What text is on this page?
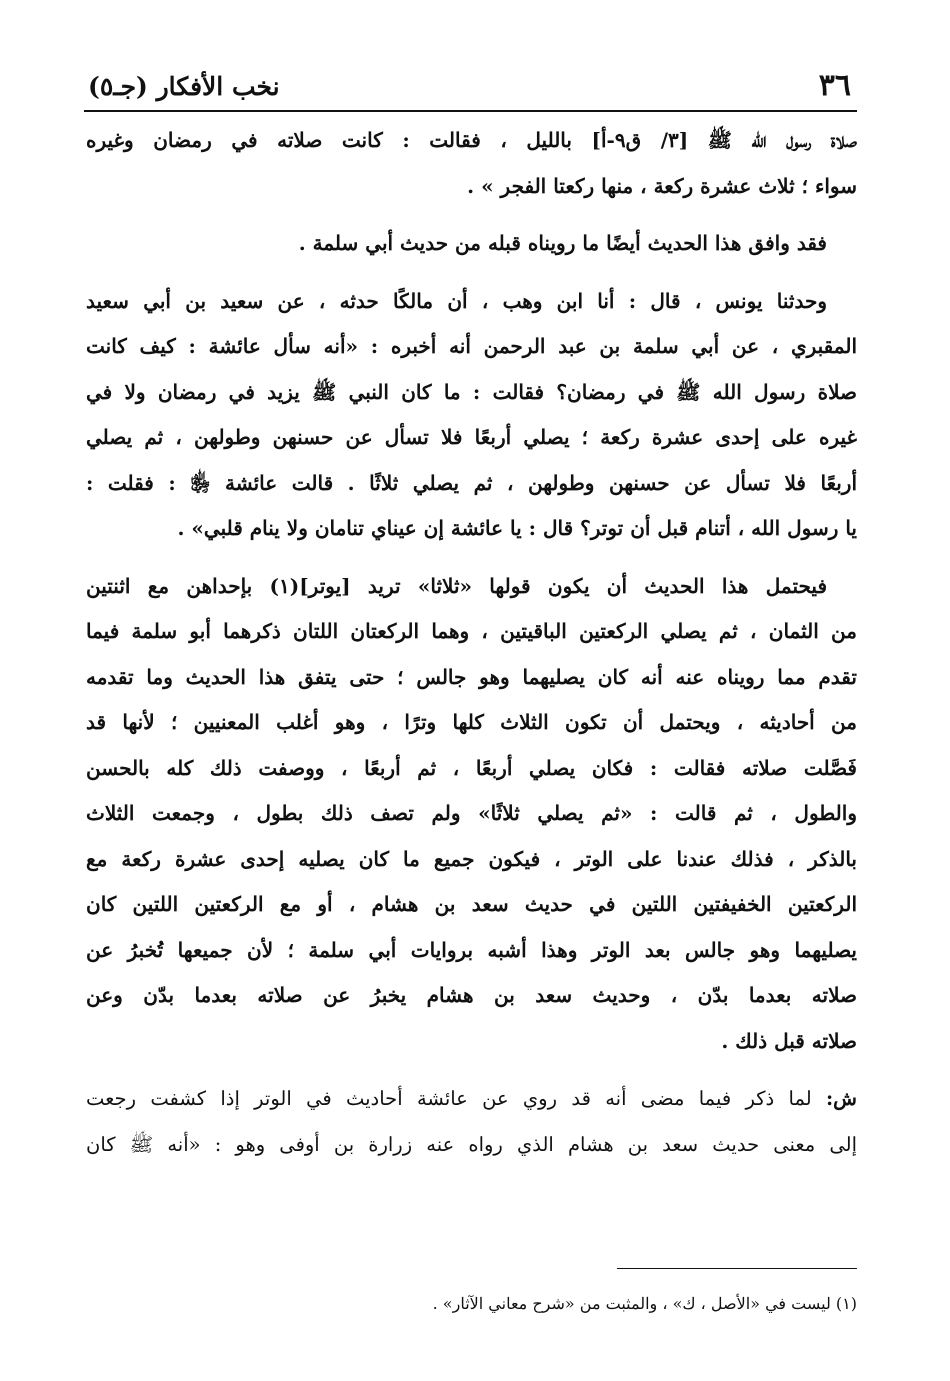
٣٦
نخب الأفكار (جـ٥)

صلاة رسول الله ﷺ [٣/ ق٩-أ] بالليل ، فقالت : كانت صلاته في رمضان وغيره
سواء ؛ ثلاث عشرة ركعة ، منها ركعتا الفجر » .

فقد وافق هذا الحديث أيضًا ما رويناه قبله من حديث أبي سلمة .

وحدثنا يونس ، قال : أنا ابن وهب ، أن مالكًا حدثه ، عن سعيد بن أبي سعيد
المقبري ، عن أبي سلمة بن عبد الرحمن أنه أخبره : «أنه سأل عائشة : كيف كانت
صلاة رسول الله ﷺ في رمضان؟ فقالت : ما كان النبي ﷺ يزيد في رمضان ولا في
غيره على إحدى عشرة ركعة ؛ يصلي أربعًا فلا تسأل عن حسنهن وطولهن ، ثم يصلي
أربعًا فلا تسأل عن حسنهن وطولهن ، ثم يصلي ثلاثًا . قالت عائشة ﵂ : فقلت :
يا رسول الله ، أتنام قبل أن توتر؟ قال : يا عائشة إن عيناي تنامان ولا ينام قلبي» .

فيحتمل هذا الحديث أن يكون قولها «ثلاثا» تريد [يوتر](١) بإحداهن مع اثنتين
من الثمان ، ثم يصلي الركعتين الباقيتين ، وهما الركعتان اللتان ذكرهما أبو سلمة فيما
تقدم مما رويناه عنه أنه كان يصليهما وهو جالس ؛ حتى يتفق هذا الحديث وما تقدمه
من أحاديثه ، ويحتمل أن تكون الثلاث كلها وترًا ، وهو أغلب المعنيين ؛ لأنها قد
فَصَّلت صلاته فقالت : فكان يصلي أربعًا ، ثم أربعًا ، ووصفت ذلك كله بالحسن
والطول ، ثم قالت : «ثم يصلي ثلاثًا» ولم تصف ذلك بطول ، وجمعت الثلاث
بالذكر ، فذلك عندنا على الوتر ، فيكون جميع ما كان يصليه إحدى عشرة ركعة مع
الركعتين الخفيفتين اللتين في حديث سعد بن هشام ، أو مع الركعتين اللتين كان
يصليهما وهو جالس بعد الوتر وهذا أشبه بروايات أبي سلمة ؛ لأن جميعها تُخبرُ عن
صلاته بعدما بدّن ، وحديث سعد بن هشام يخبرُ عن صلاته بعدما بدّن وعن
صلاته قبل ذلك .

ش: لما ذكر فيما مضى أنه قد روي عن عائشة أحاديث في الوتر إذا كشفت رجعت
إلى معنى حديث سعد بن هشام الذي رواه عنه زرارة بن أوفى وهو : «أنه ﷺ كان

(١) ليست في «الأصل ، ك» ، والمثبت من «شرح معاني الآثار» .
